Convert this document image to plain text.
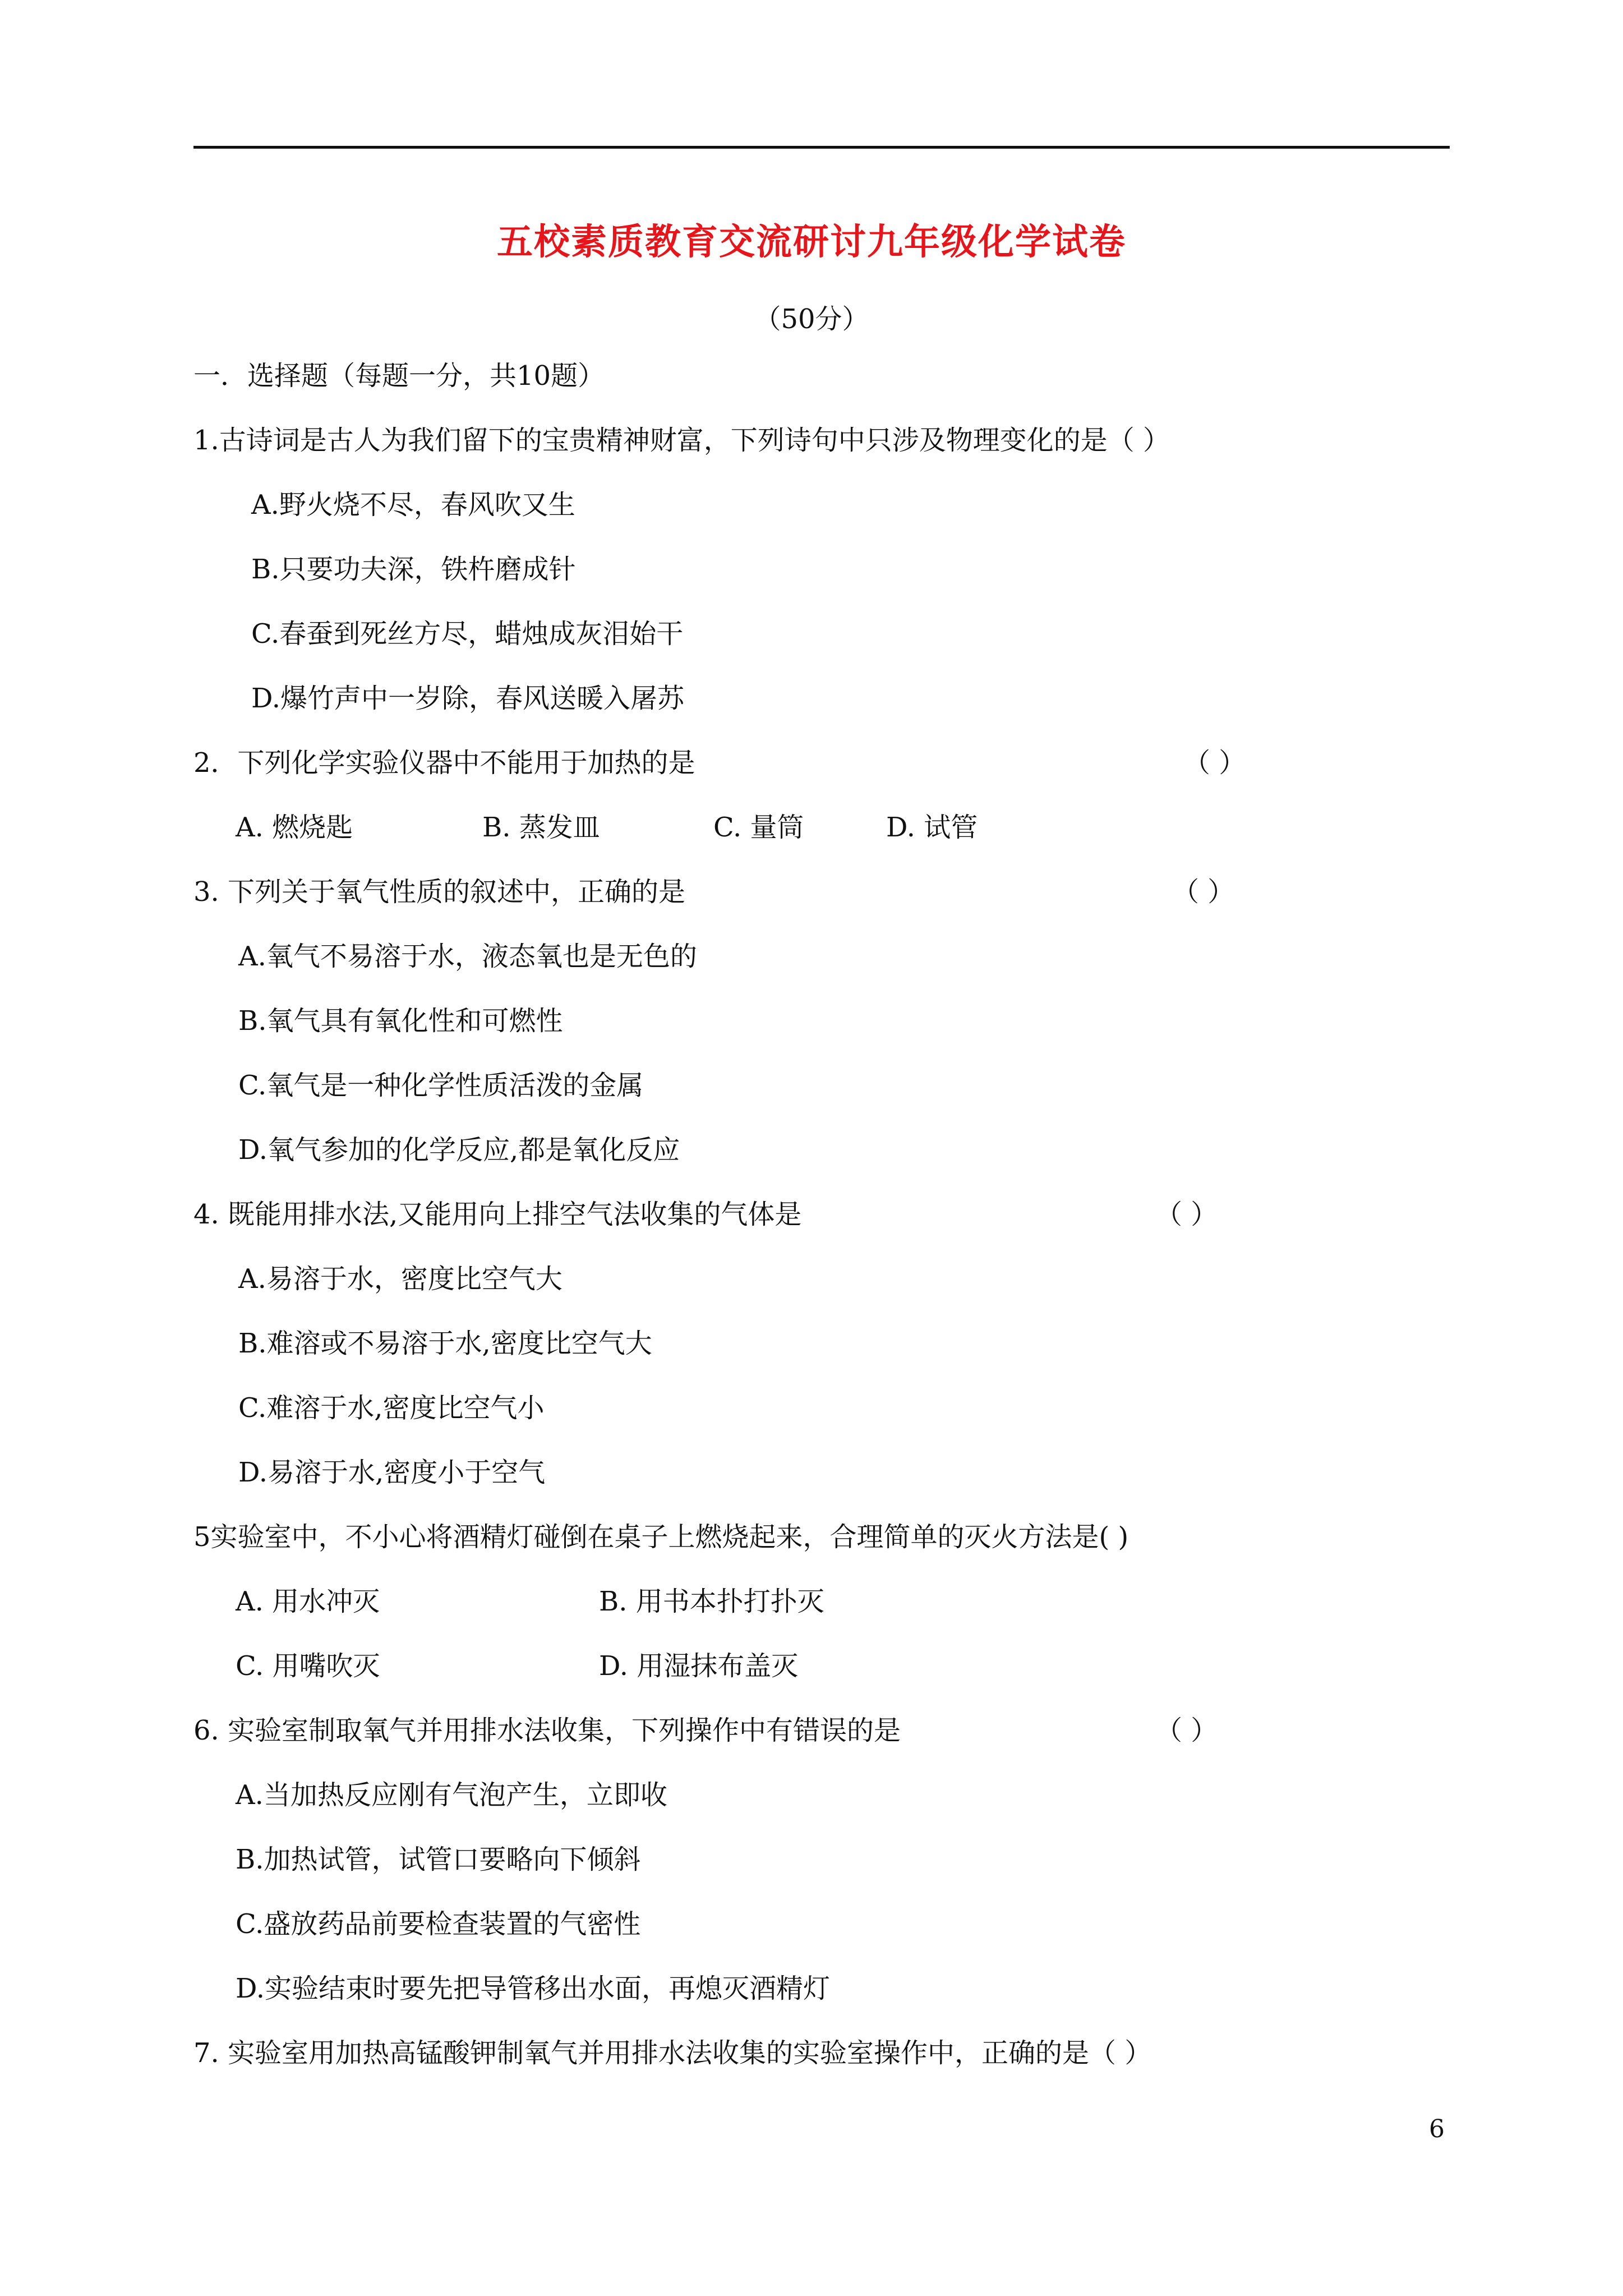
五校素质教育交流研讨九年级化学试卷
（50分）
一．选择题（每题一分，共10题）
1.古诗词是古人为我们留下的宝贵精神财富，下列诗句中只涉及物理变化的是（ ）
A.野火烧不尽，春风吹又生
B.只要功夫深，铁杵磨成针
C.春蚕到死丝方尽，蜡烛成灰泪始干
D.爆竹声中一岁除，春风送暖入屠苏
2．下列化学实验仪器中不能用于加热的是	（ ）
A. 燃烧匙	B. 蒸发皿	C. 量筒	D. 试管
3. 下列关于氧气性质的叙述中，正确的是	（ ）
A.氧气不易溶于水，液态氧也是无色的
B.氧气具有氧化性和可燃性
C.氧气是一种化学性质活泼的金属
D.氧气参加的化学反应,都是氧化反应
4. 既能用排水法,又能用向上排空气法收集的气体是	（ ）
A.易溶于水，密度比空气大
B.难溶或不易溶于水,密度比空气大
C.难溶于水,密度比空气小
D.易溶于水,密度小于空气
5实验室中，不小心将酒精灯碰倒在桌子上燃烧起来，合理简单的灭火方法是( )
A. 用水冲灭	B. 用书本扑打扑灭
C. 用嘴吹灭	D. 用湿抹布盖灭
6. 实验室制取氧气并用排水法收集，下列操作中有错误的是	（ ）
A.当加热反应刚有气泡产生，立即收
B.加热试管，试管口要略向下倾斜
C.盛放药品前要检查装置的气密性
D.实验结束时要先把导管移出水面，再熄灭酒精灯
7. 实验室用加热高锰酸钾制氧气并用排水法收集的实验室操作中，正确的是（ ）
6
